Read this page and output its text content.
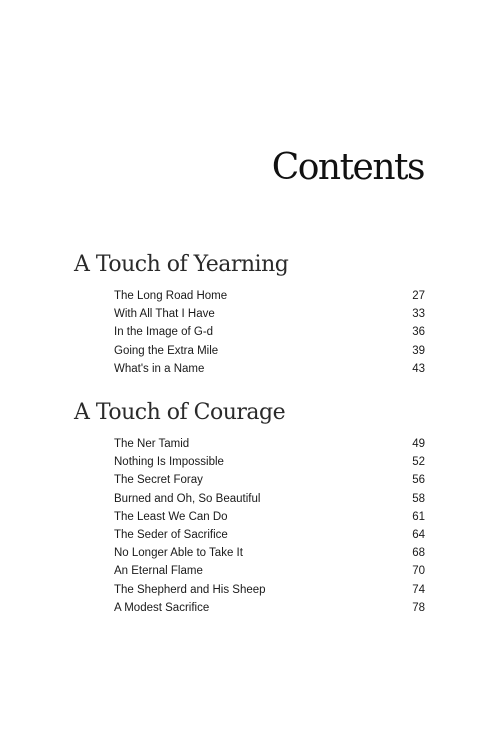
Contents
A Touch of Yearning
The Long Road Home	27
With All That I Have	33
In the Image of G-d	36
Going the Extra Mile	39
What's in a Name	43
A Touch of Courage
The Ner Tamid	49
Nothing Is Impossible	52
The Secret Foray	56
Burned and Oh, So Beautiful	58
The Least We Can Do	61
The Seder of Sacrifice	64
No Longer Able to Take It	68
An Eternal Flame	70
The Shepherd and His Sheep	74
A Modest Sacrifice	78
